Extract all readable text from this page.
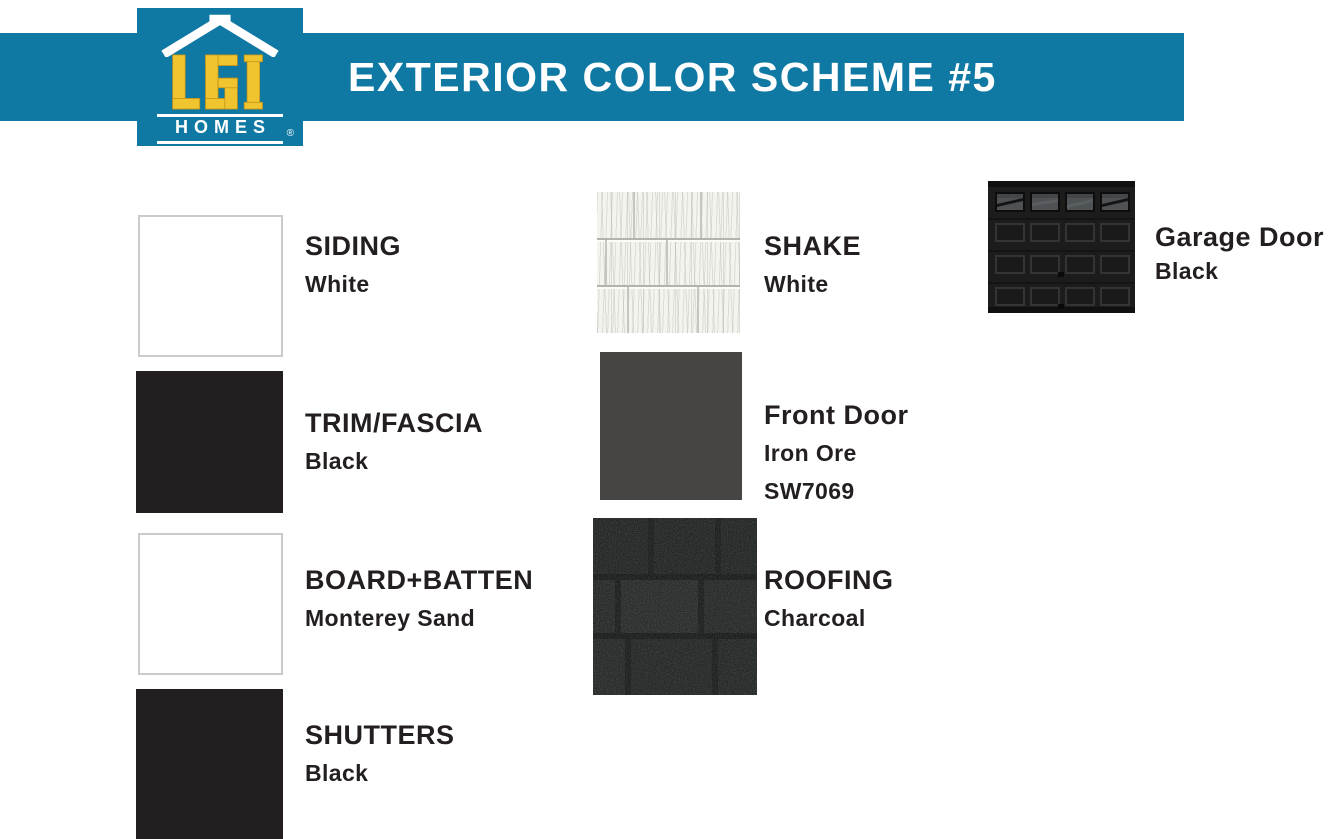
EXTERIOR COLOR SCHEME #5
HOMES ®
SIDING
White
TRIM/FASCIA
Black
BOARD+BATTEN
Monterey Sand
SHUTTERS
Black
SHAKE
White
Front Door
Iron Ore
SW7069
ROOFING
Charcoal
Garage Door
Black
